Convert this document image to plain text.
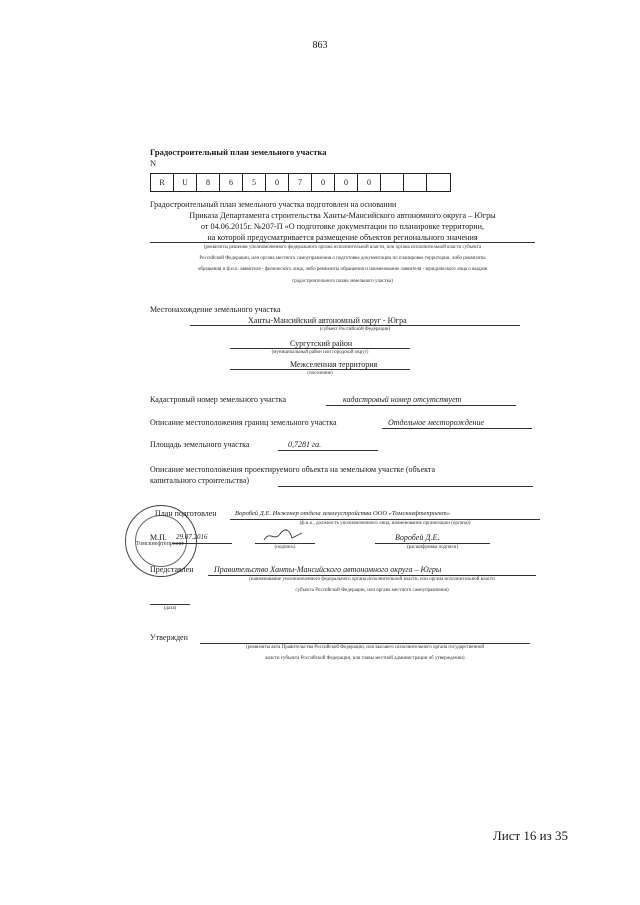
863
Градостроительный план земельного участка
N
R	U	8	6	5	0	7	0	0	0
Градостроительный план земельного участка подготовлен на основании
Приказа Департамента строительства Ханты-Мансийского автономного округа – Югры
от 04.06.2015г. №207-П «О подготовке документации по планировке территории,
на которой предусматривается размещение объектов регионального значения
(реквизиты решения уполномоченного федерального органа исполнительной власти, или органа исполнительной власти субъекта
Российской Федерации, или органа местного самоуправления о подготовке документации по планировке территории, либо реквизиты
обращения и ф.и.о. заявителя - физического лица, либо реквизиты обращения и наименование заявителя - юридического лица о выдаче
градостроительного плана земельного участка)
Местонахождение земельного участка
Ханты-Мансийский автономный округ - Югра
(субъект Российской Федерации)
Сургутский район
(муниципальный район или городской округ)
Межселенная территория
(поселение)
Кадастровый номер земельного участка	кадастровый номер отсутствует
Описание местоположения границ земельного участка	Отдельное месторождение
Площадь земельного участка	0,7281 га.
Описание местоположения проектируемого объекта на земельном участке (объекта
капитального строительства)
Томскнефтепроект
План подготовлен	Воробей Д.Е. Инженер отдела землеустройства ООО «Томскнефтепроект»
(ф.и.о., должность уполномоченного лица, наименование организации (органа))
М.П. 29.07.2016
(подпись)
Воробей Д.Е.
(расшифровка подписи)
Представлен	Правительство Ханты-Мансийского автономного округа – Югры
(наименование уполномоченного федерального органа исполнительной власти, или органа исполнительной власти
субъекта Российской Федерации, или органа местного самоуправления)
(дата)
Утвержден
(реквизиты акта Правительства Российской Федерации, или высшего исполнительного органа государственной
власти субъекта Российской Федерации, или главы местной администрации об утверждении)
Лист 16 из 35
